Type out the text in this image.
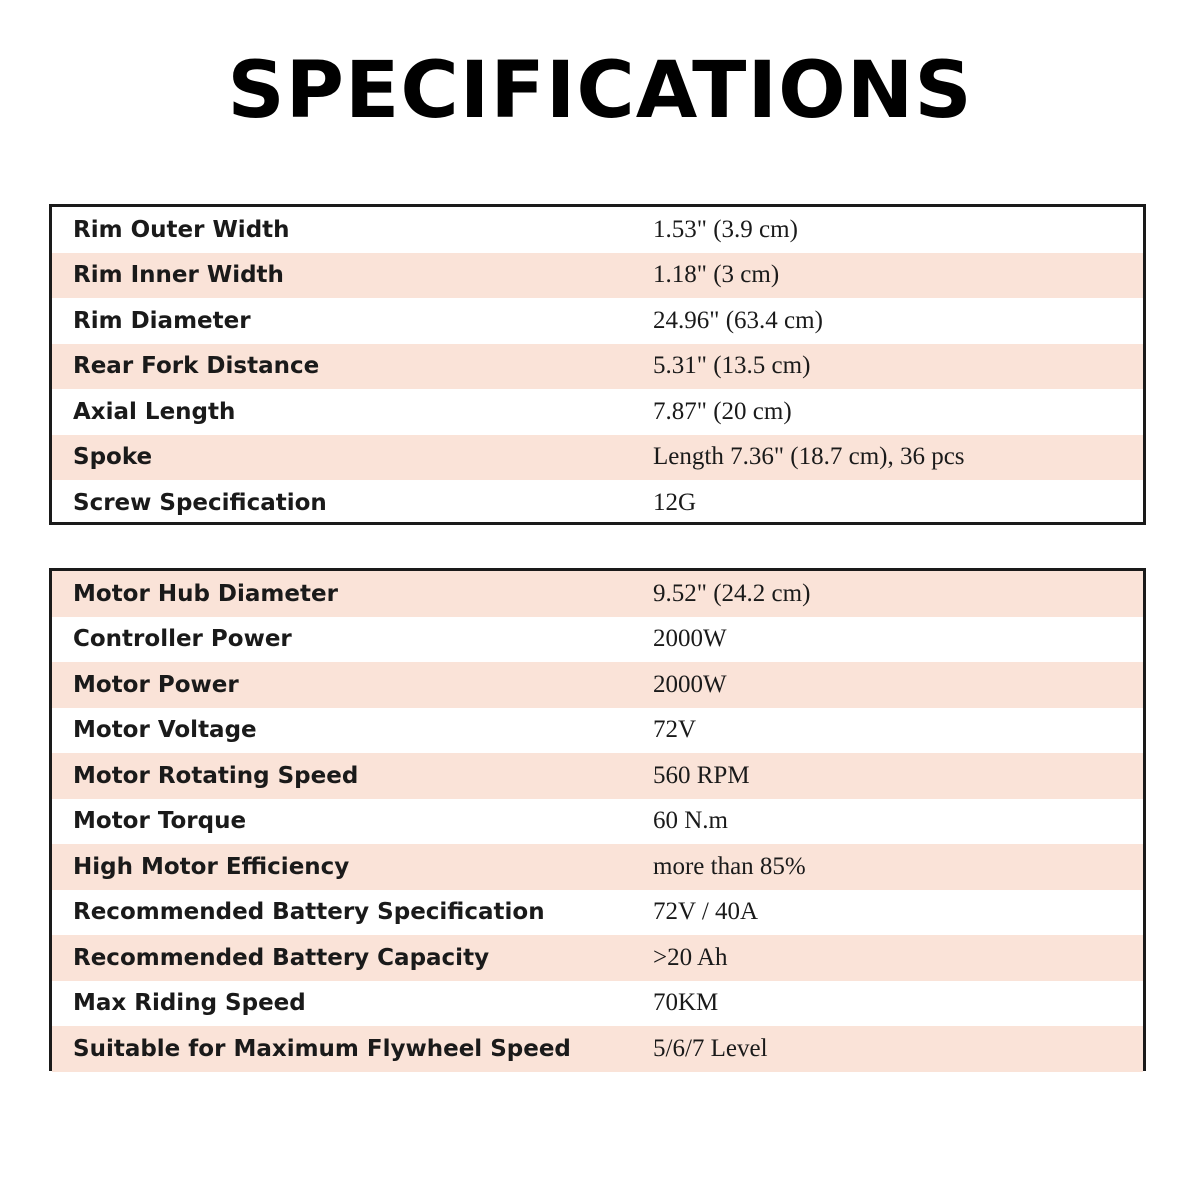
SPECIFICATIONS
Rim Outer Width	1.53" (3.9 cm)
Rim Inner Width	1.18" (3 cm)
Rim Diameter	24.96" (63.4 cm)
Rear Fork Distance	5.31" (13.5 cm)
Axial Length	7.87" (20 cm)
Spoke	Length 7.36" (18.7 cm), 36 pcs
Screw Specification	12G
Motor Hub Diameter	9.52" (24.2 cm)
Controller Power	2000W
Motor Power	2000W
Motor Voltage	72V
Motor Rotating Speed	560 RPM
Motor Torque	60 N.m
High Motor Efficiency	more than 85%
Recommended Battery Specification	72V / 40A
Recommended Battery Capacity	>20 Ah
Max Riding Speed	70KM
Suitable for Maximum Flywheel Speed	5/6/7 Level
